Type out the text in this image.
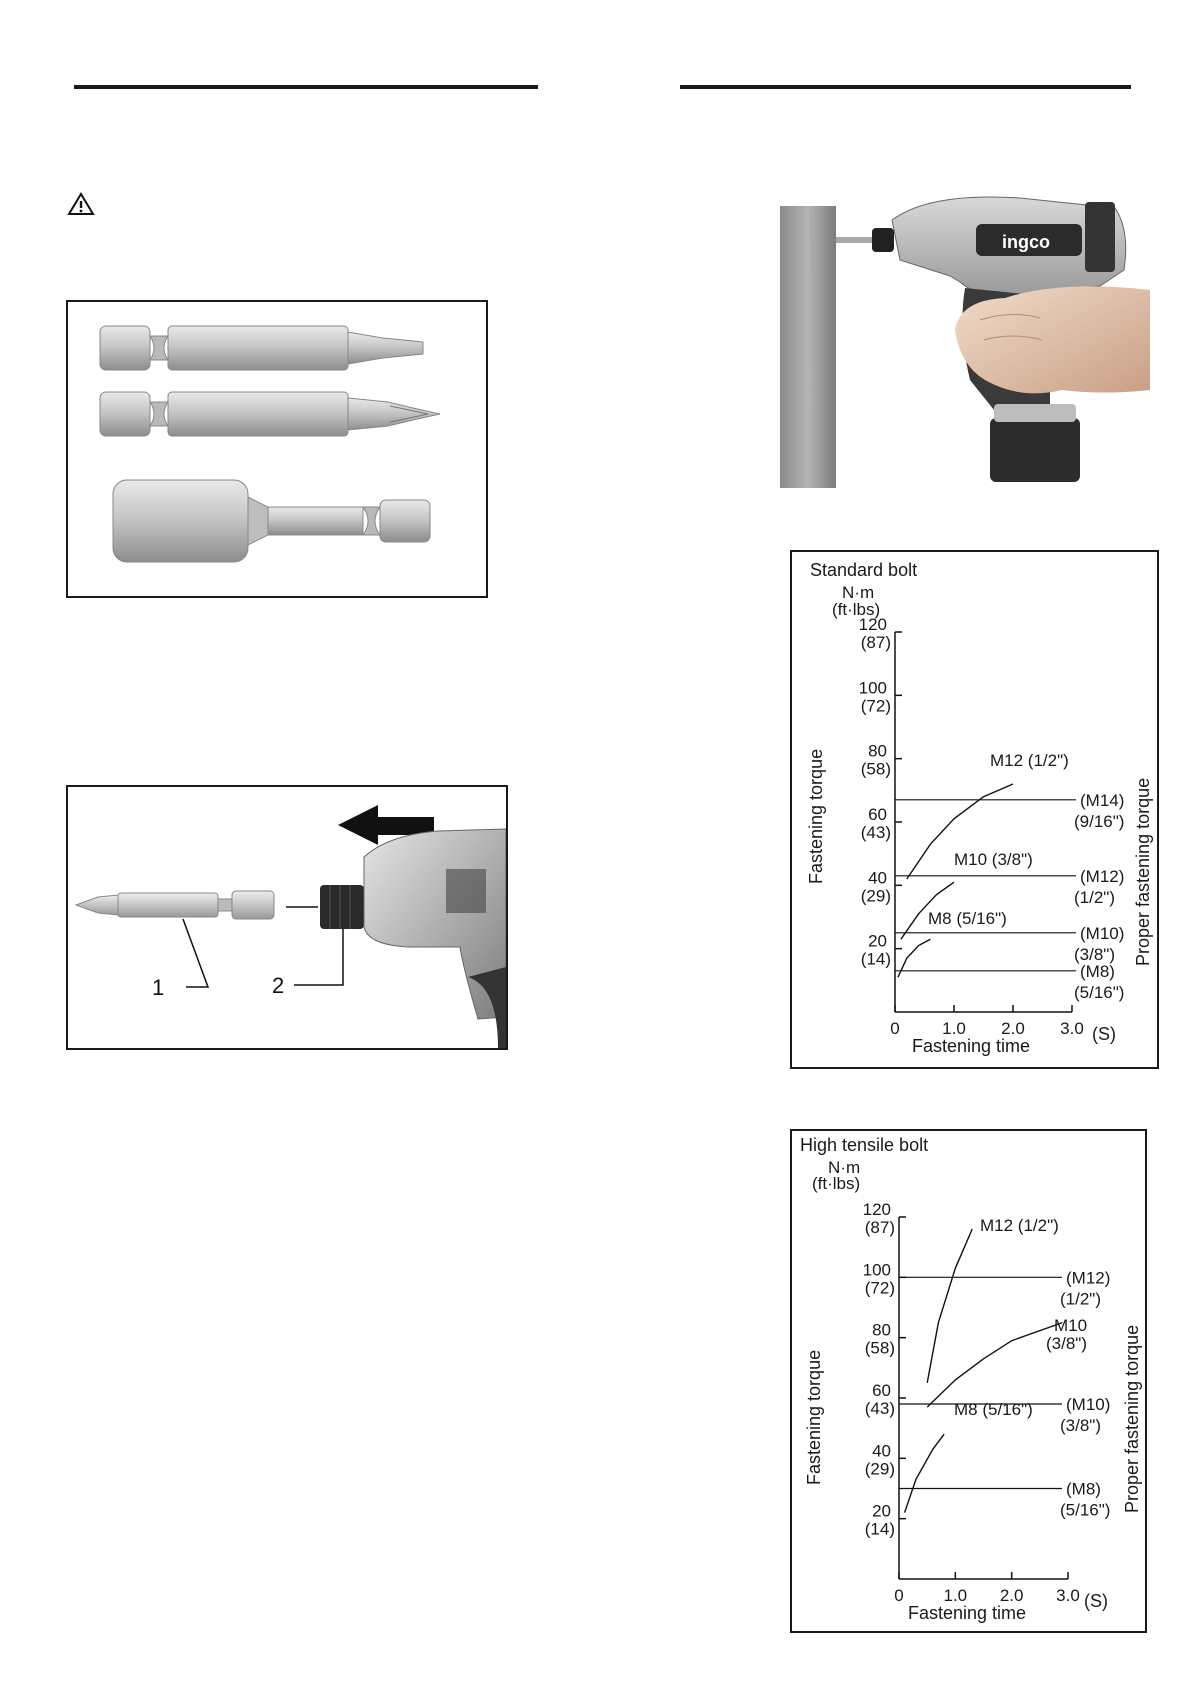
1	2
ingco
Standard bolt
N·m
(ft·lbs)
120
(87)
100
(72)
80
(58)
60
(43)
40
(29)
20
(14)
0 1.0 2.0 3.0 (S)
Fastening time
Fastening torque	Proper fastening torque
(M14)
(9/16")
(M12)
(1/2")
(M10)
(3/8")
(M8)
(5/16")
M12 (1/2")
M10 (3/8")
M8 (5/16")
High tensile bolt
N·m
(ft·lbs)
120
(87)
100
(72)
80
(58)
60
(43)
40
(29)
20
(14)
0 1.0 2.0 3.0 (S)
Fastening time
Fastening torque	Proper fastening torque
(M12)
(1/2")
(M10)
(3/8")
(M8)
(5/16")
M12 (1/2")
M10
(3/8")
M8 (5/16")
